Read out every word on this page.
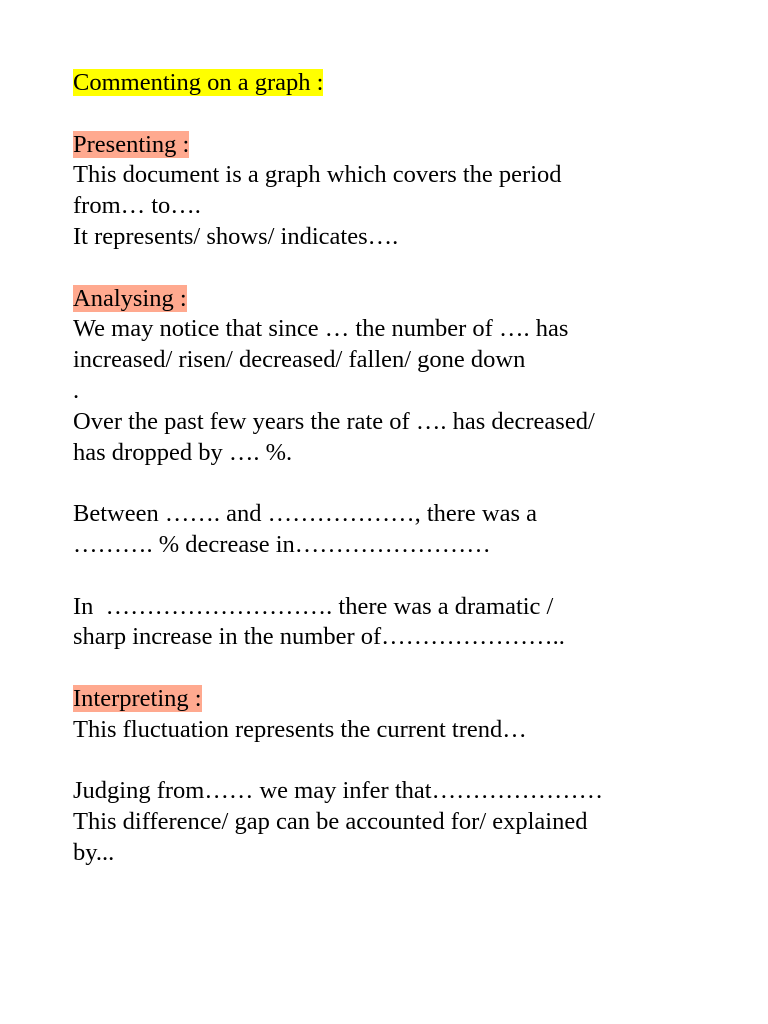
Commenting on a graph :
Presenting :
This document is a graph which covers the period
from… to….
It represents/ shows/ indicates….
Analysing :
We may notice that since … the number of …. has
increased/ risen/ decreased/ fallen/ gone down
.
Over the past few years the rate of …. has decreased/
has dropped by …. %.
Between ……. and ………………, there was a
………. % decrease in……………………
In  ………………………. there was a dramatic /
sharp increase in the number of…………………..
Interpreting :
This fluctuation represents the current trend…
Judging from…… we may infer that…………………
This difference/ gap can be accounted for/ explained
by...
